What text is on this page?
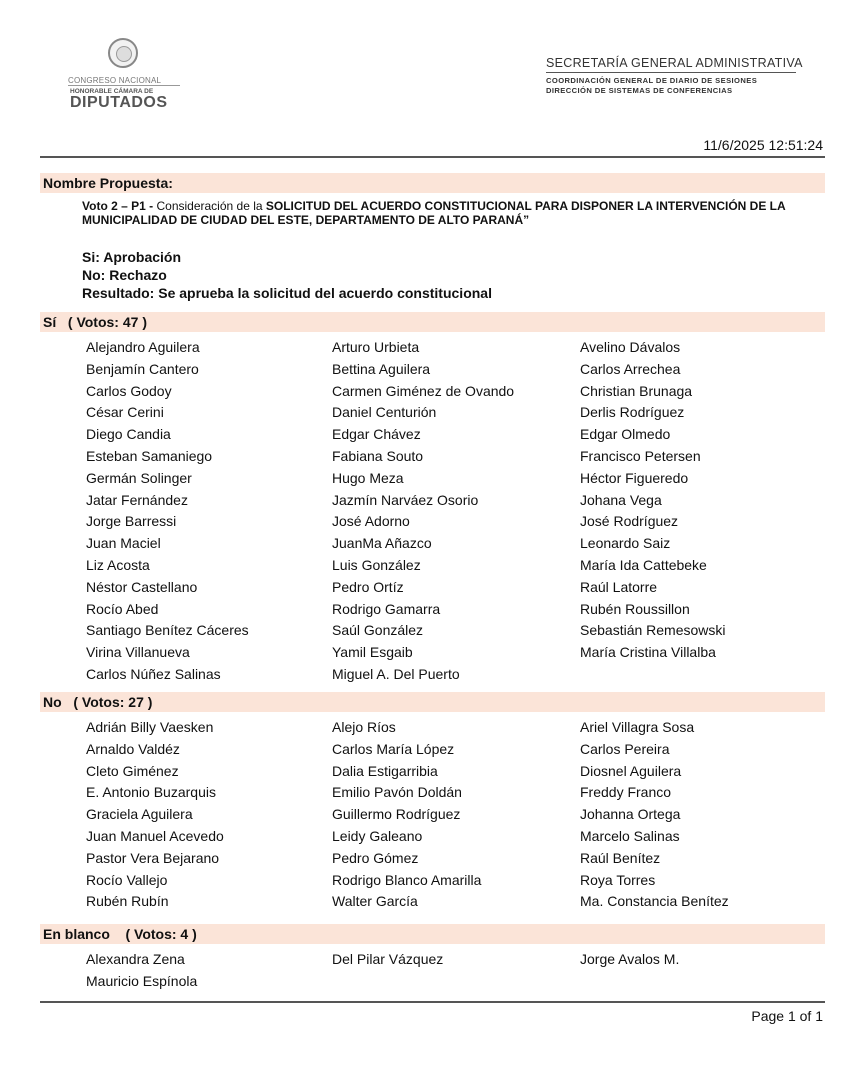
CONGRESO NACIONAL
HONORABLE CÁMARA DE
DIPUTADOS
SECRETARÍA GENERAL ADMINISTRATIVA
COORDINACIÓN GENERAL DE DIARIO DE SESIONES
DIRECCIÓN DE SISTEMAS DE CONFERENCIAS
11/6/2025 12:51:24
Nombre Propuesta:
Voto 2 – P1 - Consideración de la SOLICITUD DEL ACUERDO CONSTITUCIONAL PARA DISPONER LA INTERVENCIÓN DE LA MUNICIPALIDAD DE CIUDAD DEL ESTE, DEPARTAMENTO DE ALTO PARANÁ”
Si: Aprobación
No: Rechazo
Resultado: Se aprueba la solicitud del acuerdo constitucional
Sí ( Votos: 47 )
Alejandro Aguilera
Benjamín Cantero
Carlos Godoy
César Cerini
Diego Candia
Esteban Samaniego
Germán Solinger
Jatar Fernández
Jorge Barressi
Juan Maciel
Liz Acosta
Néstor Castellano
Rocío Abed
Santiago Benítez Cáceres
Virina Villanueva
Carlos Núñez Salinas
Arturo Urbieta
Bettina Aguilera
Carmen Giménez de Ovando
Daniel Centurión
Edgar Chávez
Fabiana Souto
Hugo Meza
Jazmín Narváez Osorio
José Adorno
JuanMa Añazco
Luis González
Pedro Ortíz
Rodrigo Gamarra
Saúl González
Yamil Esgaib
Miguel A. Del Puerto
Avelino Dávalos
Carlos Arrechea
Christian Brunaga
Derlis Rodríguez
Edgar Olmedo
Francisco Petersen
Héctor Figueredo
Johana Vega
José Rodríguez
Leonardo Saiz
María Ida Cattebeke
Raúl Latorre
Rubén Roussillon
Sebastián Remesowski
María Cristina Villalba
No ( Votos: 27 )
Adrián Billy Vaesken
Arnaldo Valdéz
Cleto Giménez
E. Antonio Buzarquis
Graciela Aguilera
Juan Manuel Acevedo
Pastor Vera Bejarano
Rocío Vallejo
Rubén Rubín
Alejo Ríos
Carlos María López
Dalia Estigarribia
Emilio Pavón Doldán
Guillermo Rodríguez
Leidy Galeano
Pedro Gómez
Rodrigo Blanco Amarilla
Walter García
Ariel Villagra Sosa
Carlos Pereira
Diosnel Aguilera
Freddy Franco
Johanna Ortega
Marcelo Salinas
Raúl Benítez
Roya Torres
Ma. Constancia Benítez
En blanco ( Votos: 4 )
Alexandra Zena
Mauricio Espínola
Del Pilar Vázquez	Jorge Avalos M.
Page 1 of 1
